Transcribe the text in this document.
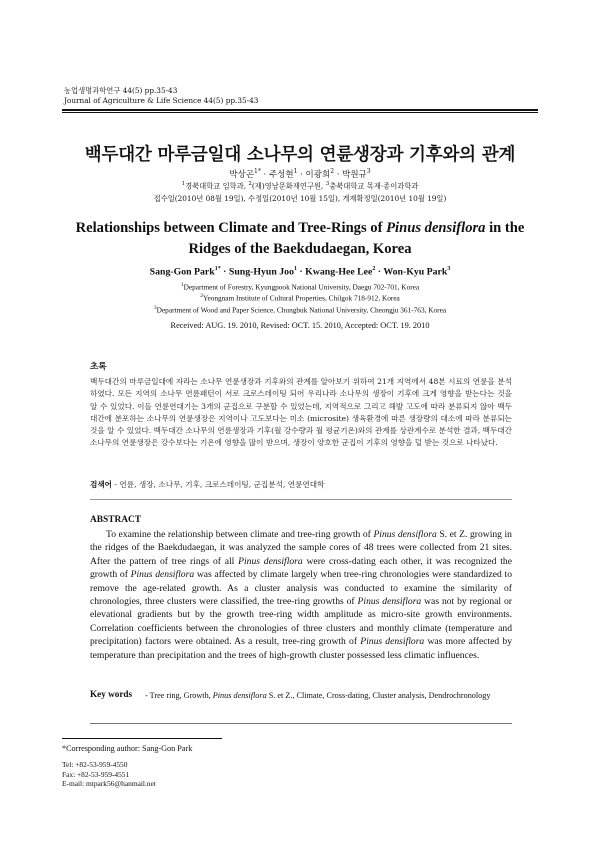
농업생명과학연구 44(5) pp.35-43
Journal of Agriculture & Life Science 44(5) pp.35-43
백두대간 마루금일대 소나무의 연륜생장과 기후와의 관계
박상곤$^{1*}$ · 주성현$^1$ · 이광희$^2$ · 박원규$^3$
$^1$경북대학교 임학과, $^2$(재)영남문화재연구원, $^3$충북대학교 목재·종이과학과
접수일(2010년 08월 19일), 수정일(2010년 10월 15일), 게재확정일(2010년 10월 19일)
Relationships between Climate and Tree-Rings of Pinus densiflora in the
Ridges of the Baekdudaegan, Korea
Sang-Gon Park$^{1*}$ · Sung-Hyun Joo$^1$ · Kwang-Hee Lee$^2$ · Won-Kyu Park$^3$
$^1$Department of Forestry, Kyungpook National University, Daegu 702-701, Korea
$^2$Yeongnam Institute of Cultural Properties, Chilgok 718-912, Korea
$^3$Department of Wood and Paper Science, Chungbuk National University, Cheongju 361-763, Korea
Received: AUG. 19. 2010, Revised: OCT. 15. 2010, Accepted: OCT. 19. 2010
초록

백두대간의 마루금일대에 자라는 소나무 연륜생장과 기후와의 관계를 알아보기 위하여 21개 지역에서 48본 시료의 연륜을 분석하였다. 모든 지역의 소나무 연륜패턴이 서로 크로스데이팅 되어 우리나라 소나무의 생장이 기후에 크게 영향을 받는다는 것을 알 수 있었다. 이들 연륜연대기는 3개의 군집으로 구분할 수 있었는데, 지역적으로 그리고 해발 고도에 따라 분류되지 않아 백두대간에 분포하는 소나무의 연륜생장은 지역이나 고도보다는 미소 (microsite) 생육환경에 따른 생장량의 대소에 따라 분류되는 것을 알 수 있었다. 백두대간 소나무의 연륜생장과 기후(월 강수량과 월 평균기온)와의 관계를 상관계수로 분석한 결과, 백두대간 소나무의 연륜생장은 강수보다는 기온에 영향을 많이 받으며, 생장이 양호한 군집이 기후의 영향을 덜 받는 것으로 나타났다.

검색어 - 연륜, 생장, 소나무, 기후, 크로스데이팅, 군집분석, 연륜연대학
ABSTRACT

To examine the relationship between climate and tree-ring growth of Pinus densiflora S. et Z. growing in the ridges of the Baekdudaegan, it was analyzed the sample cores of 48 trees were collected from 21 sites. After the pattern of tree rings of all Pinus densiflora were cross-dating each other, it was recognized the growth of Pinus densiflora was affected by climate largely when tree-ring chronologies were standardized to remove the age-related growth. As a cluster analysis was conducted to examine the similarity of chronologies, three clusters were classified, the tree-ring growths of Pinus densiflora was not by regional or elevational gradients but by the growth tree-ring width amplitude as micro-site growth environments. Correlation coefficients between the chronologies of three clusters and monthly climate (temperature and precipitation) factors were obtained. As a result, tree-ring growth of Pinus densiflora was more affected by temperature than precipitation and the trees of high-growth cluster possessed less climatic influences.

Key words - Tree ring, Growth, Pinus densiflora S. et Z., Climate, Cross-dating, Cluster analysis, Dendrochronology
*Corresponding author: Sang-Gon Park
Tel: +82-53-959-4550
Fax: +82-53-959-4551
E-mail: mtpark56@hanmail.net
